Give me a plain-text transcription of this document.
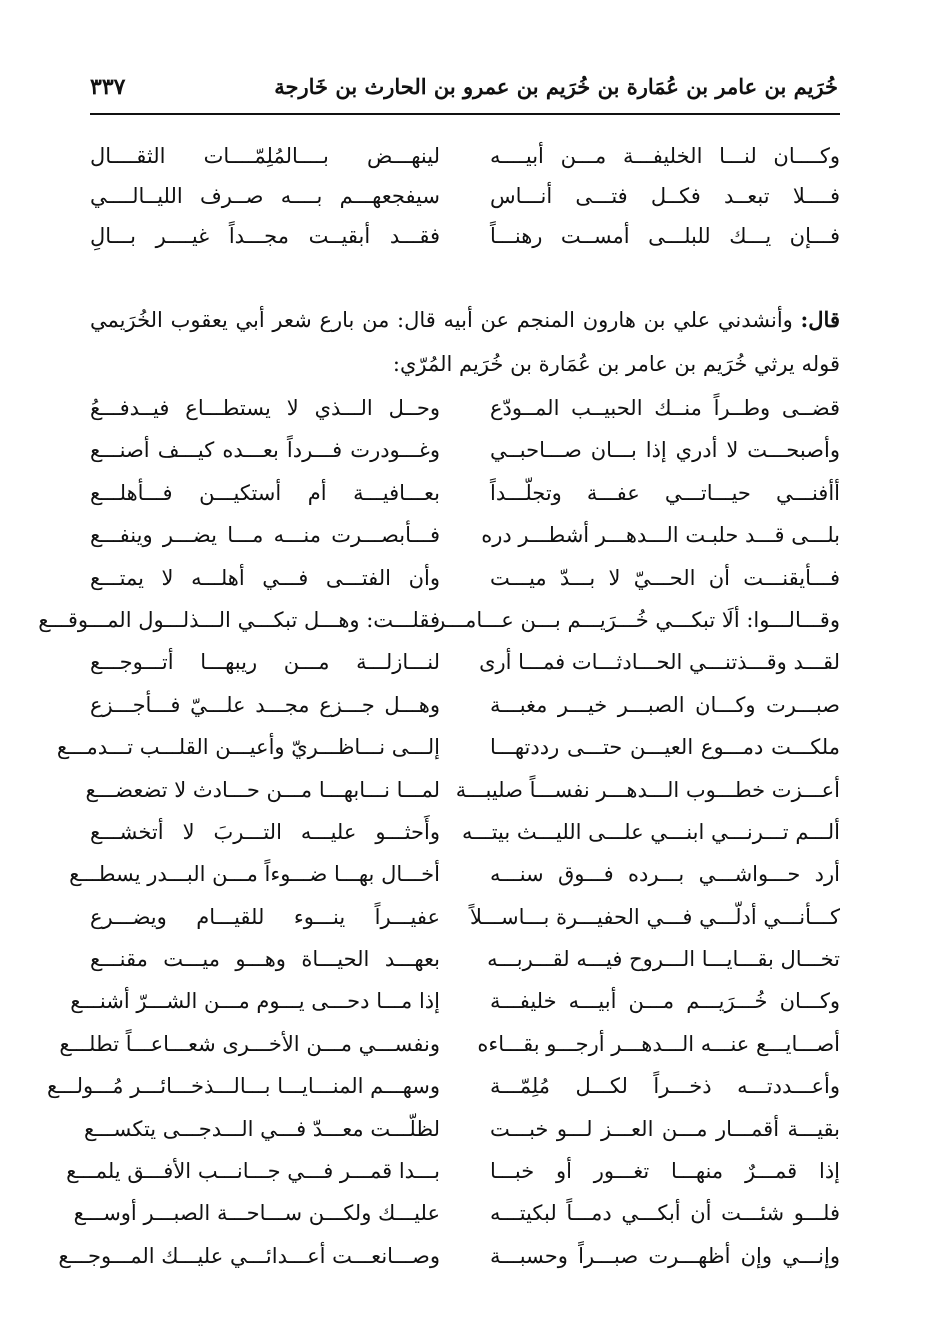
خُرَيم بن عامر بن عُمَارة بن خُرَيم بن عمرو بن الحارث بن خَارجة
٣٣٧
وكــــان لنـــا الخليفـــة مـــن أبيــــه
لينهـــض بــــالمُلِمّــــات الثقــــال
فــــلا تبعــد فكــل فتـــى أنـــاس
سيفجعهـــم بــــه صــرف الليــالــــي
فـــإن يـــك للبلـــى أمســت رهنـــاً
فقـــد أبقيــت مجـــداً غيــــر بـــالِ
قال: وأنشدني علي بن هارون المنجم عن أبيه قال: من بارع شعر أبي يعقوب الخُرَيمي قوله يرثي خُرَيم بن عامر بن عُمَارة بن خُرَيم المُرّي:
قضــى وطــراً منــك الحبيــب المــودّع
وحــل الـــذي لا يستطـــاع فيــدفـــعُ
وأصبحـــت لا أدري إذا بـــان صـــاحبــي
وغـــودرت فـــرداً بعـــده كيـــف أصنـــع
أأفنـــي حيـــاتـــي عفـــة وتجلّـــداً
بعـــافيـــة أم أستكيـــن فـــأهلـــع
بلـــى قـــد حلبـت الـــدهـــر أشطـــر دره
فـــأبصـــرت منـــه مـــا يضـــر وينفـــع
فـــأيقنـــت أن الحـــيّ لا بـــدّ ميـــت
وأن الفتـــى فـــي أهلـــه لا يمتـــع
وقـــالـــوا: ألَا تبكـــي خُـــرَيـــم بـــن عـــامـــر
فقلـــت: وهـــل تبكـــي الـــذلـــول المـــوقـــع
لقـــد وقـــذتنـــي الحـــادثـــات فمـــا أرى
لنـــازلـــة مـــن ريبهـــا أتـــوجـــع
صبـــرت وكـــان الصبـــر خيـــر مغبـــة
وهـــل جـــزع مجـــد علـــيّ فـــأجـــزع
ملكـــت دمـــوع العيـــن حتـــى رددتهـــا
إلـــى نـــاظـــريّ وأعيـــن القلـــب تـــدمـــع
أعـــزت خطـــوب الـــدهـــر نفســـاً صليبـــة
لمـــا نـــابهـــا مـــن حـــادث لا تضعضـــع
ألـــم تـــرنـــي ابنـــي علـــى الليـــث بيتـــه
وأَحثـــو عليـــه التـــربَ لا أتخشـــع
أرد حـــواشـــي بـــرده فـــوق سنـــه
أخـــال بهـــا ضـــوءاً مـــن البـــدر يسطـــع
كـــأنـــي أدلّـــي فـــي الحفيـــرة بـــاســـلاً
عفيـــراً ينـــوء للقيـــام ويضـــرع
تخـــال بقـــايـــا الـــروح فيـــه لقـــربـــه
بعهـــد الحيـــاة وهـــو ميـــت مقنـــع
وكـــان خُـــرَيـــم مـــن أبيـــه خليفـــة
إذا مـــا دحـــى يـــوم مـــن الشـــرّ أشنـــع
أصـــايـــع عنـــه الـــدهـــر أرجـــو بقـــاءه
ونفســـي مـــن الأخـــرى شعـــاعـــاً تطلـــع
وأعـــددتـــه ذخـــراً لكـــل مُلِمّـــة
وسهـــم المنـــايـــا بـــالـــذخـــائـــر مُـــولـــع
بقيـــة أقمـــار مـــن العـــز لـــو خبـــت
لظلّـــت معـــدّ فـــي الـــدجـــى يتكســـع
إذا قمـــرٌ منهـــا تغـــور أو خبـــا
بـــدا قمـــر فـــي جـــانـــب الأفـــق يلمـــع
فلـــو شئـــت أن أبكـــي دمـــاً لبكيتـــه
عليـــك ولكـــن ســـاحـــة الصبـــر أوســـع
وإنـــي وإن أظهـــرت صبـــراً وحسبـــة
وصـــانعـــت أعـــدائـــي عليـــك المـــوجـــع
